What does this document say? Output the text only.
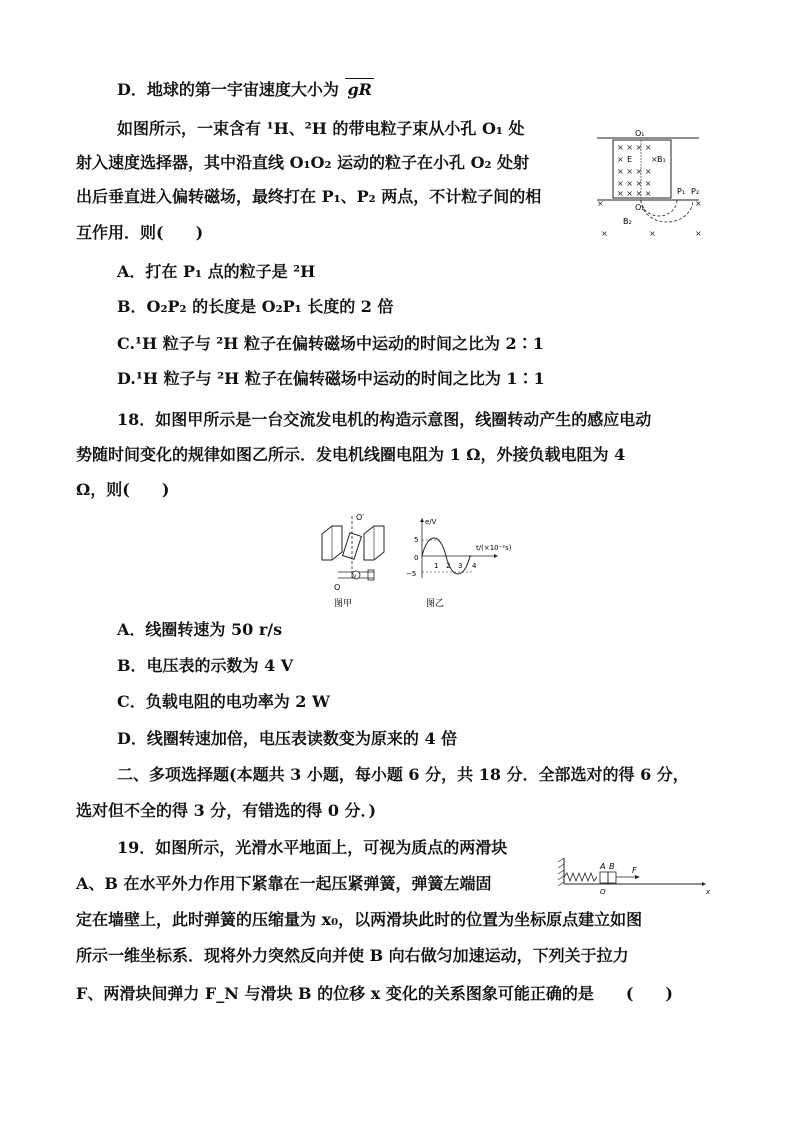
D．地球的第一宇宙速度大小为 gR
如图所示，一束含有 ¹H、²H 的带电粒子束从小孔 O₁ 处
射入速度选择器，其中沿直线 O₁O₂ 运动的粒子在小孔 O₂ 处射
出后垂直进入偏转磁场，最终打在 P₁、P₂ 两点，不计粒子间的相
互作用．则(　　)
A．打在 P₁ 点的粒子是 ²H
B．O₂P₂ 的长度是 O₂P₁ 长度的 2 倍
C.¹H 粒子与 ²H 粒子在偏转磁场中运动的时间之比为 2∶1
D.¹H 粒子与 ²H 粒子在偏转磁场中运动的时间之比为 1∶1
O₁
× × × ×
×	×
× × × ×
× × × ×
× × × ×
E	B₁
P₁ P₂
O₂
×	×
×	×	×
B₂
18．如图甲所示是一台交流发电机的构造示意图，线圈转动产生的感应电动
势随时间变化的规律如图乙所示．发电机线圈电阻为 1 Ω，外接负载电阻为 4
Ω，则(　　)
O′
V
O
图甲
e/V
t/(×10⁻²s)
5
−5
0
1 2 3 4
图乙
A．线圈转速为 50 r/s
B．电压表的示数为 4 V
C．负载电阻的电功率为 2 W
D．线圈转速加倍，电压表读数变为原来的 4 倍
二、多项选择题(本题共 3 小题，每小题 6 分，共 18 分．全部选对的得 6 分，
选对但不全的得 3 分，有错选的得 0 分．)
19．如图所示，光滑水平地面上，可视为质点的两滑块
A、B 在水平外力作用下紧靠在一起压紧弹簧，弹簧左端固
定在墙壁上，此时弹簧的压缩量为 x₀，以两滑块此时的位置为坐标原点建立如图
所示一维坐标系．现将外力突然反向并使 B 向右做匀加速运动，下列关于拉力
F、两滑块间弹力 F_N 与滑块 B 的位移 x 变化的关系图象可能正确的是　　(　　)
A B F
O	x
